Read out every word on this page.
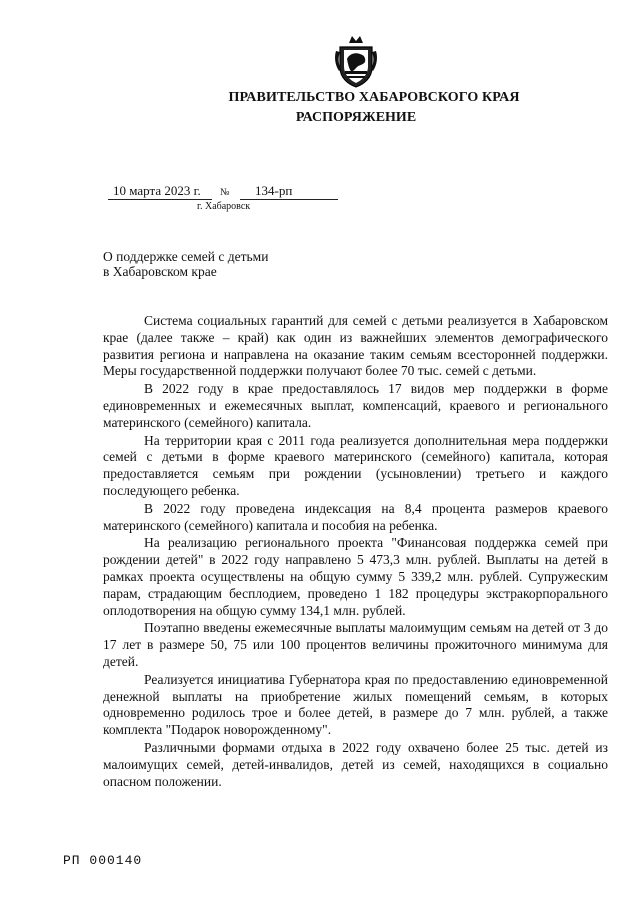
ПРАВИТЕЛЬСТВО ХАБАРОВСКОГО КРАЯ
РАСПОРЯЖЕНИЕ
10 марта 2023 г. № 134-рп
г. Хабаровск
О поддержке семей с детьми
в Хабаровском крае

Система социальных гарантий для семей с детьми реализуется в Хабаровском крае (далее также – край) как один из важнейших элементов демографического развития региона и направлена на оказание таким семьям всесторонней поддержки. Меры государственной поддержки получают более 70 тыс. семей с детьми.

В 2022 году в крае предоставлялось 17 видов мер поддержки в форме единовременных и ежемесячных выплат, компенсаций, краевого и регионального материнского (семейного) капитала.

На территории края с 2011 года реализуется дополнительная мера поддержки семей с детьми в форме краевого материнского (семейного) капитала, которая предоставляется семьям при рождении (усыновлении) третьего и каждого последующего ребенка.

В 2022 году проведена индексация на 8,4 процента размеров краевого материнского (семейного) капитала и пособия на ребенка.

На реализацию регионального проекта "Финансовая поддержка семей при рождении детей" в 2022 году направлено 5 473,3 млн. рублей. Выплаты на детей в рамках проекта осуществлены на общую сумму 5 339,2 млн. рублей. Супружеским парам, страдающим бесплодием, проведено 1 182 процедуры экстракорпорального оплодотворения на общую сумму 134,1 млн. рублей.

Поэтапно введены ежемесячные выплаты малоимущим семьям на детей от 3 до 17 лет в размере 50, 75 или 100 процентов величины прожиточного минимума для детей.

Реализуется инициатива Губернатора края по предоставлению единовременной денежной выплаты на приобретение жилых помещений семьям, в которых одновременно родилось трое и более детей, в размере до 7 млн. рублей, а также комплекта "Подарок новорожденному".

Различными формами отдыха в 2022 году охвачено более 25 тыс. детей из малоимущих семей, детей-инвалидов, детей из семей, находящихся в социально опасном положении.

РП 000140
